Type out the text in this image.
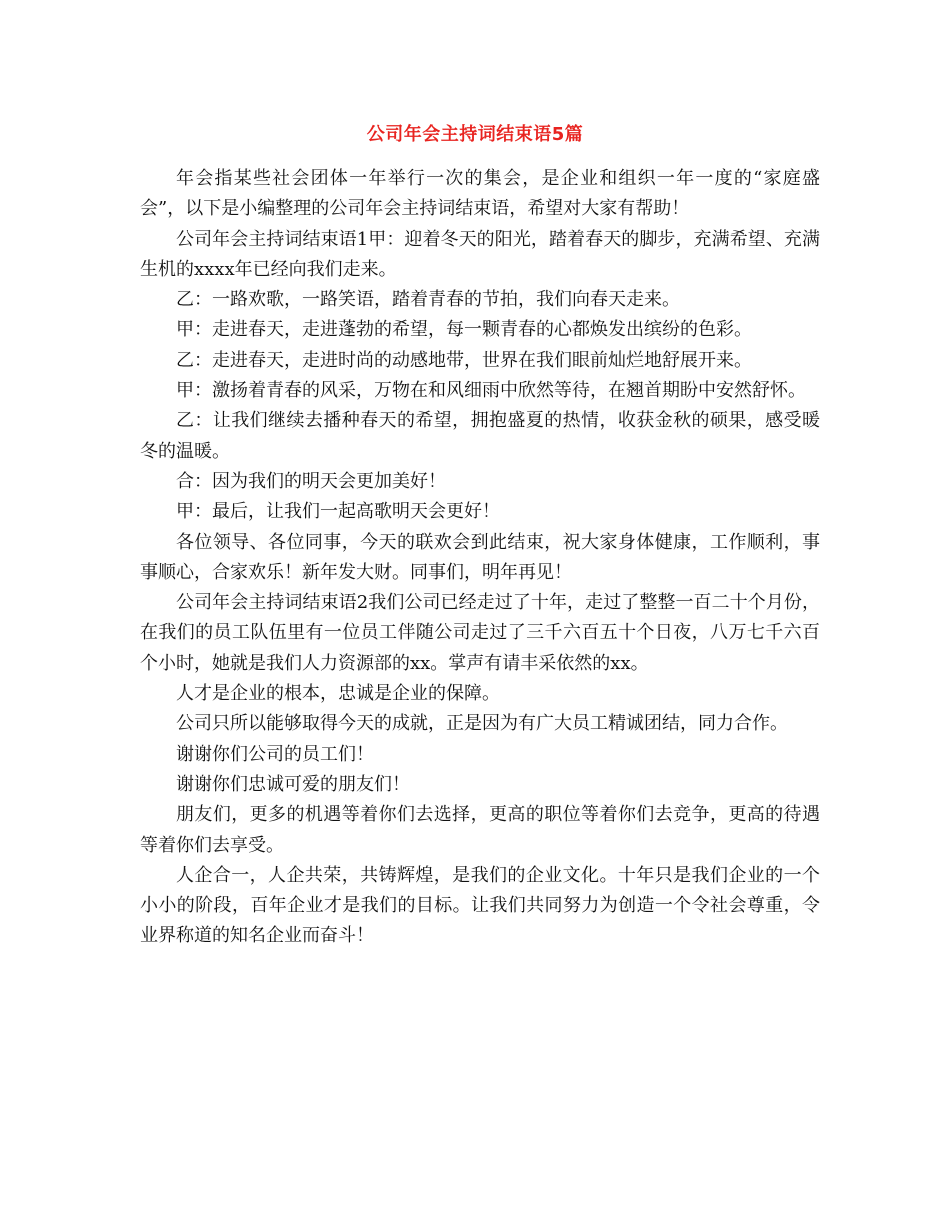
公司年会主持词结束语5篇

年会指某些社会团体一年举行一次的集会，是企业和组织一年一度的“家庭盛会”，以下是小编整理的公司年会主持词结束语，希望对大家有帮助！

公司年会主持词结束语1甲：迎着冬天的阳光，踏着春天的脚步，充满希望、充满生机的xxxx年已经向我们走来。

乙：一路欢歌，一路笑语，踏着青春的节拍，我们向春天走来。

甲：走进春天，走进蓬勃的希望，每一颗青春的心都焕发出缤纷的色彩。

乙：走进春天，走进时尚的动感地带，世界在我们眼前灿烂地舒展开来。

甲：激扬着青春的风采，万物在和风细雨中欣然等待，在翘首期盼中安然舒怀。

乙：让我们继续去播种春天的希望，拥抱盛夏的热情，收获金秋的硕果，感受暖冬的温暖。

合：因为我们的明天会更加美好！

甲：最后，让我们一起高歌明天会更好！

各位领导、各位同事，今天的联欢会到此结束，祝大家身体健康，工作顺利，事事顺心，合家欢乐！新年发大财。同事们，明年再见！

公司年会主持词结束语2我们公司已经走过了十年，走过了整整一百二十个月份，在我们的员工队伍里有一位员工伴随公司走过了三千六百五十个日夜，八万七千六百个小时，她就是我们人力资源部的xx。掌声有请丰采依然的xx。

人才是企业的根本，忠诚是企业的保障。

公司只所以能够取得今天的成就，正是因为有广大员工精诚团结，同力合作。

谢谢你们公司的员工们！

谢谢你们忠诚可爱的朋友们！

朋友们，更多的机遇等着你们去选择，更高的职位等着你们去竞争，更高的待遇等着你们去享受。

人企合一，人企共荣，共铸辉煌，是我们的企业文化。十年只是我们企业的一个小小的阶段，百年企业才是我们的目标。让我们共同努力为创造一个令社会尊重，令业界称道的知名企业而奋斗！
